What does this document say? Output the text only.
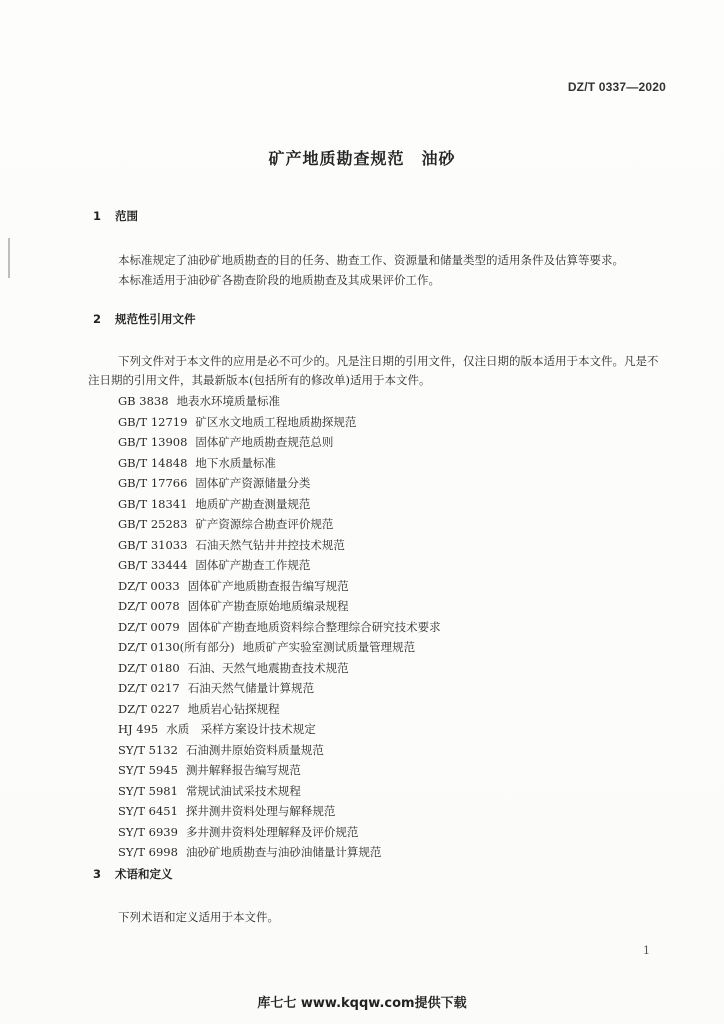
DZ/T 0337—2020
矿产地质勘查规范　油砂
1 范围

本标准规定了油砂矿地质勘查的目的任务、勘查工作、资源量和储量类型的适用条件及估算等要求。

本标准适用于油砂矿各勘查阶段的地质勘查及其成果评价工作。

2 规范性引用文件

下列文件对于本文件的应用是必不可少的。凡是注日期的引用文件，仅注日期的版本适用于本文件。凡是不注日期的引用文件，其最新版本(包括所有的修改单)适用于本文件。

GB 3838 地表水环境质量标准
GB/T 12719 矿区水文地质工程地质勘探规范
GB/T 13908 固体矿产地质勘查规范总则
GB/T 14848 地下水质量标准
GB/T 17766 固体矿产资源储量分类
GB/T 18341 地质矿产勘查测量规范
GB/T 25283 矿产资源综合勘查评价规范
GB/T 31033 石油天然气钻井井控技术规范
GB/T 33444 固体矿产勘查工作规范
DZ/T 0033 固体矿产地质勘查报告编写规范
DZ/T 0078 固体矿产勘查原始地质编录规程
DZ/T 0079 固体矿产勘查地质资料综合整理综合研究技术要求
DZ/T 0130(所有部分) 地质矿产实验室测试质量管理规范
DZ/T 0180 石油、天然气地震勘查技术规范
DZ/T 0217 石油天然气储量计算规范
DZ/T 0227 地质岩心钻探规程
HJ 495 水质　采样方案设计技术规定
SY/T 5132 石油测井原始资料质量规范
SY/T 5945 测井解释报告编写规范
SY/T 5981 常规试油试采技术规程
SY/T 6451 探井测井资料处理与解释规范
SY/T 6939 多井测井资料处理解释及评价规范
SY/T 6998 油砂矿地质勘查与油砂油储量计算规范
3 术语和定义

下列术语和定义适用于本文件。

1
库七七 www.kqqw.com提供下载
